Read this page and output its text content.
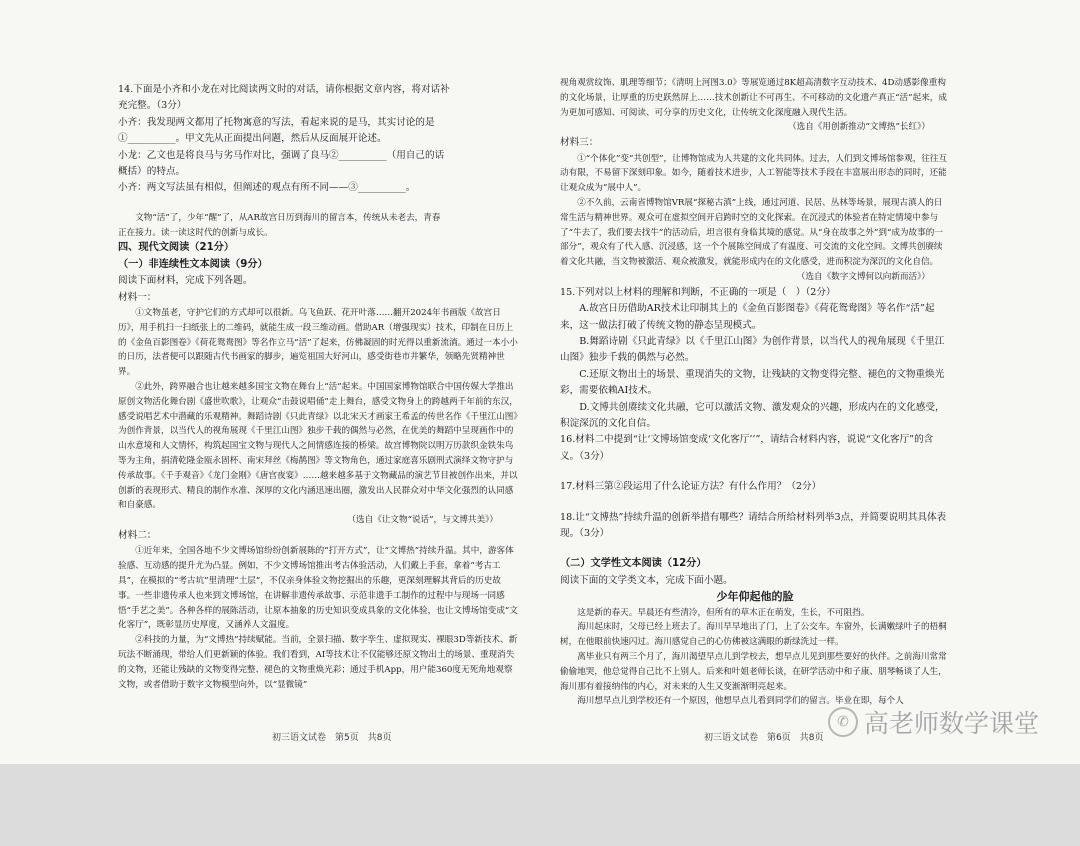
14.下面是小齐和小龙在对比阅读两文时的对话，请你根据文章内容，将对话补

充完整。（3分）

小齐：我发现两文都用了托物寓意的写法，看起来说的是马，其实讨论的是

①__________。甲文先从正面提出问题，然后从反面展开论述。

小龙：乙文也是将良马与劣马作对比，强调了良马②__________（用自己的话

概括）的特点。

小齐：两文写法虽有相似，但阐述的观点有所不同——③__________。

文物“活”了，少年“醒”了，从AR故宫日历到海川的留言本，传统从未老去，青春

正在接力。读一读这时代的创新与成长。

四、现代文阅读（21分）

（一）非连续性文本阅读（9分）

阅读下面材料，完成下列各题。

材料一：

①文物虽老，守护它们的方式却可以很新。乌飞鱼跃、花开叶落……翻开2024年书画版《故宫日历》，用手机扫一扫纸张上的二维码，就能生成一段三维动画。借助AR（增强现实）技术，印制在日历上的《金鱼百影图卷》《荷花鸳鸯图》等名作立马“活”了起来，仿佛凝固的时光得以重新流淌。通过一本小小的日历，法者便可以跟随古代书画家的脚步，遍览祖国大好河山，感受街巷市井繁华，领略先贤精神世界。

②此外，跨界融合也让越来越多国宝文物在舞台上“活”起来。中国国家博物馆联合中国传媒大学推出原创文物活化舞台剧《盛世吹歌》，让观众“击鼓说唱俑”走上舞台，感受文物身上的跨越两千年前的东汉，感受说唱艺术中潜藏的乐观精神。舞蹈诗剧《只此青绿》以北宋天才画家王希孟的传世名作《千里江山图》为创作背景，以当代人的视角展现《千里江山图》独步千载的偶然与必然，在优美的舞蹈中呈现画作中的山水意境和人文情怀，构筑起国宝文物与现代人之间情感连接的桥梁。故宫博物院以明万历款织金铁朱鸟等为主角，捐清乾隆金瓯永固杯、南宋拜丝《梅鹊图》等文物角色，通过家庭喜乐剧刑式演绎文物守护与传承故事。《千手观音》《龙门金刚》《唐宫夜宴》……越来越多基于文物藏品的演艺节目被创作出来，并以创新的表现形式、精良的制作水准、深厚的文化内涵迅速出圈，激发出人民群众对中华文化强烈的认同感和自豪感。

（选自《让文物“说话”，与文博共美》）

材料二：

①近年来，全国各地不少文博场馆纷纷创新展陈的“打开方式”，让“文博热”持续升温。其中，游客体验感、互动感的提升尤为凸显。例如，不少文博场馆推出考古体验活动，人们戴上手套，拿着“考古工具”，在模拟的“考古坑”里清理“土层”，不仅亲身体验文物挖掘出的乐趣，更深刻理解其背后的历史故事。一些非遗传承人也来到文博场馆，在讲解非遗传承故事、示范非遗手工制作的过程中与现场一同感悟“手艺之美”。各种各样的展陈活动，让原本抽象的历史知识变成具象的文化体验，也让文博场馆变成“文化客厅”，既彰显历史厚度，又涵养人文温度。

②科技的力量，为“文博热”持续赋能。当前，全景扫描、数字孪生、虚拟现实、裸眼3D等新技术、新玩法不断涌现，带给人们更新颖的体验。我们看到，AI等技术让不仅能够还原文物出土的场景、重现消失的文物，还能让残缺的文物变得完整、褪色的文物重焕光彩；通过手机App，用户能360度无死角地观察文物，或者借助于数字文物模型向外，以“显微镜”

视角观赏纹饰、肌理等细节；《清明上河图3.0》等展览通过8K超高清数字互动技术、4D动感影像重构的文化场景，让厚重的历史跃然屏上……技术创新让不可再生、不可移动的文化遗产真正“活”起来，成为更加可感知、可阅读、可分享的历史文化，让传统文化深度融入现代生活。

（选自《用创新推动“文博热”长红》）

材料三：

①“个体化”变“共创型”，让博物馆成为人共建的文化共同体。过去，人们到文博场馆参观，往往互动有限，不易留下深刻印象。如今，随着技术进步，人工智能等技术手段在丰富展出形态的同时，还能让观众成为“展中人”。

②不久前，云南省博物馆VR展“探秘古滇”上线，通过河道、民居、丛林等场景，展现古滇人的日常生活与精神世界。观众可在虚拟空间开启跨时空的文化探索。在沉浸式的体验者在特定情境中参与了“牛去了，我们要去找牛”的活动后，坦言很有身临其境的感觉。从“身在故事之外”到“成为故事的一部分”，观众有了代入感、沉浸感，这一个个展陈空间成了有温度、可交流的文化空间。文博共创赓续着文化共融，当文物被激活、观众被激发，就能形成内在的文化感受，进而积淀为深沉的文化自信。

（选自《数字文博何以向新而活》）

15.下列对以上材料的理解和判断，不正确的一项是（　）（2分）

A.故宫日历借助AR技术让印制其上的《金鱼百影图卷》《荷花鸳鸯图》等名作“活”起来，这一做法打破了传统文物的静态呈现模式。

B.舞蹈诗剧《只此青绿》以《千里江山图》为创作背景，以当代人的视角展现《千里江山图》独步千载的偶然与必然。

C.还原文物出土的场景、重现消失的文物，让残缺的文物变得完整、褪色的文物重焕光彩，需要依赖AI技术。

D.文博共创赓续文化共融，它可以激活文物、激发观众的兴趣，形成内在的文化感受，积淀深沉的文化自信。

16.材料二中提到“让‘文博场馆变成‘文化客厅’’”，请结合材料内容，说说“文化客厅”的含义。（3分）

17.材料三第②段运用了什么论证方法？有什么作用？（2分）

18.让“文博热”持续升温的创新举措有哪些？请结合所给材料列举3点，并简要说明其具体表现。（3分）

（二）文学性文本阅读（12分）

阅读下面的文学类文本，完成下面小题。

少年仰起他的脸

这是新的春天。早晨还有些清冷，但所有的草木正在萌发，生长，不可阻挡。

海川起床时，父母已经上班去了。海川早早地出了门，上了公交车。车窗外，长满嫩绿叶子的梧桐树，在他眼前快速闪过。海川感觉自己的心仿佛被这满眼的新绿洗过一样。

离毕业只有两三个月了，海川渴望早点儿到学校去，想早点儿见到那些要好的伙伴。之前海川常常偷偷地哭，他总觉得自己比不上别人。后来和叶姐老师长谈，在研学活动中和子康、朋琴畅谈了人生，海川那有着接纳伟的内心，对未来的人生又变渐渐明亮起来。

海川想早点儿到学校还有一个原因，他想早点儿看到同学们的留言。毕业在即，每个人

初三语文试卷　第5页　共8页	初三语文试卷　第6页　共8页
✆ 高老师数学课堂
